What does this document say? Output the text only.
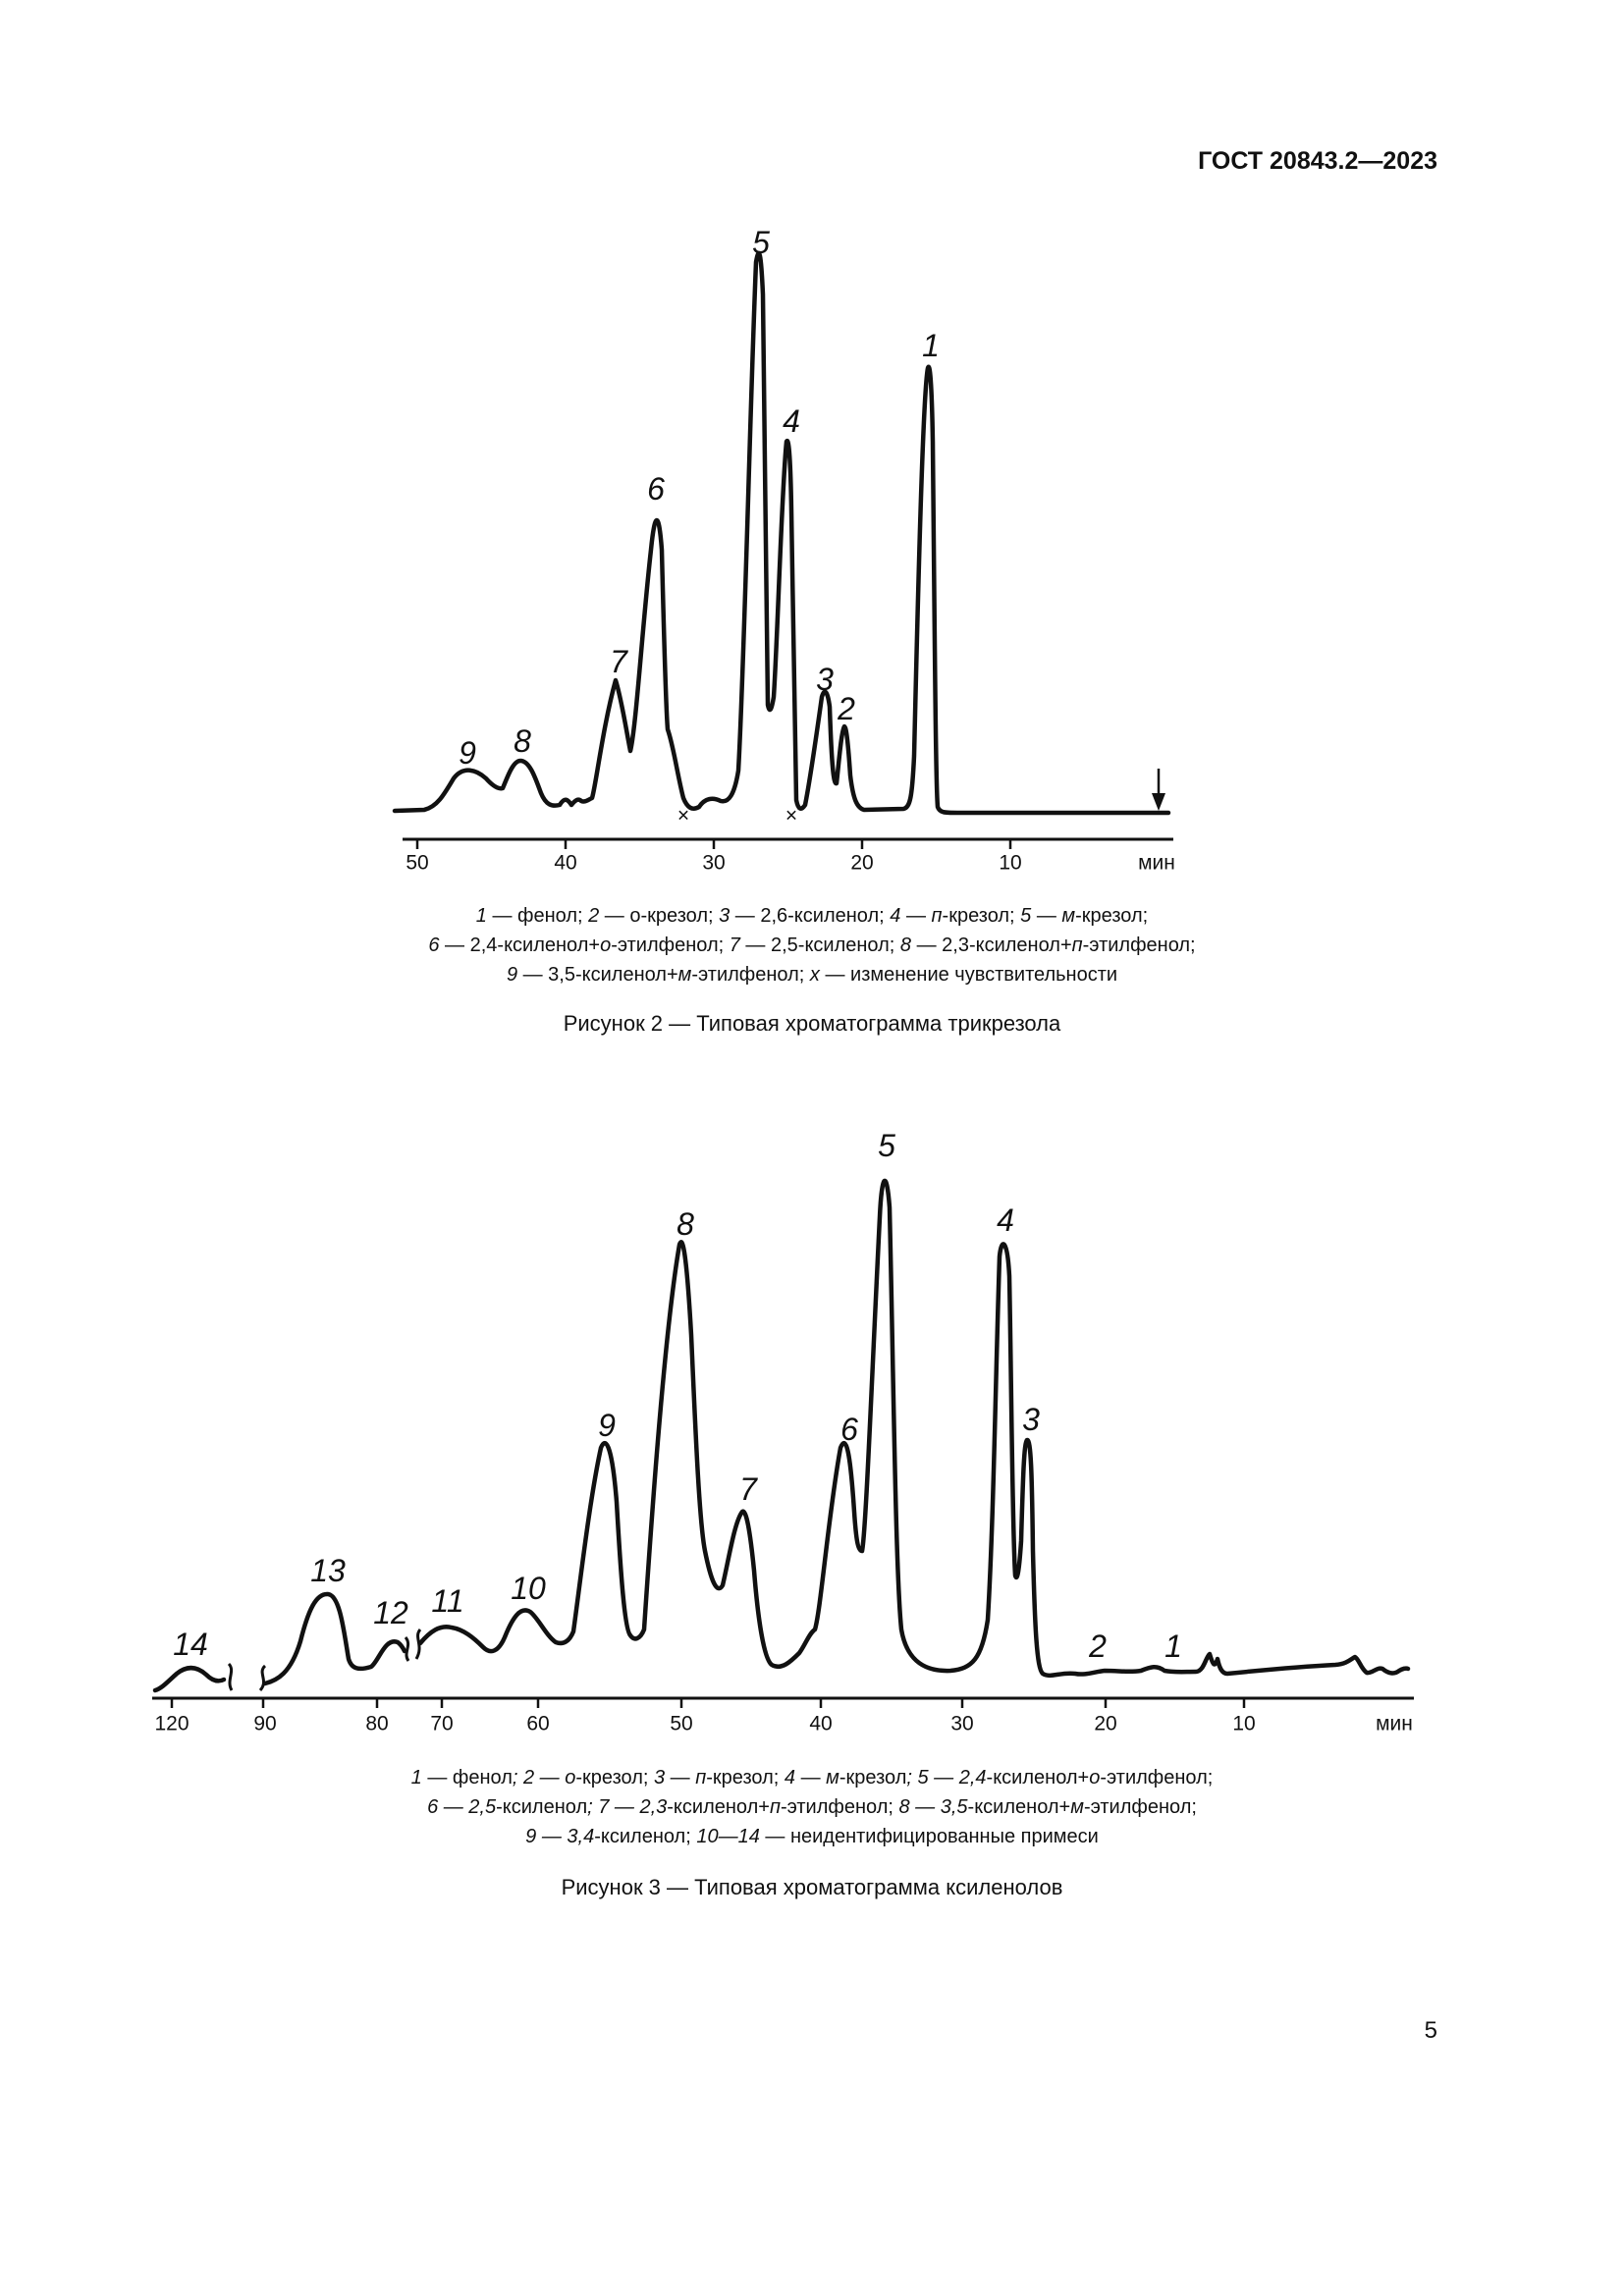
ГОСТ 20843.2—2023
50	40	30	20	10	мин
×	×
1
2
3
4
5
6
7
8
9
1 — фенол; 2 — о-крезол; 3 — 2,6-ксиленол; 4 — п-крезол; 5 — м-крезол;
6 — 2,4-ксиленол+о-этилфенол; 7 — 2,5-ксиленол; 8 — 2,3-ксиленол+п-этилфенол;
9 — 3,5-ксиленол+м-этилфенол; х — изменение чувствительности
Рисунок 2 — Типовая хроматограмма трикрезола
120	90	80 70	60	50	40	30	20	10	мин
1
2
3
4
5
6
7
8
9
10
11
12
13
14
1 — фенол; 2 — о-крезол; 3 — п-крезол; 4 — м-крезол; 5 — 2,4-ксиленол+о-этилфенол;
6 — 2,5-ксиленол; 7 — 2,3-ксиленол+п-этилфенол; 8 — 3,5-ксиленол+м-этилфенол;
9 — 3,4-ксиленол; 10—14 — неидентифицированные примеси
Рисунок 3 — Типовая хроматограмма ксиленолов
5
